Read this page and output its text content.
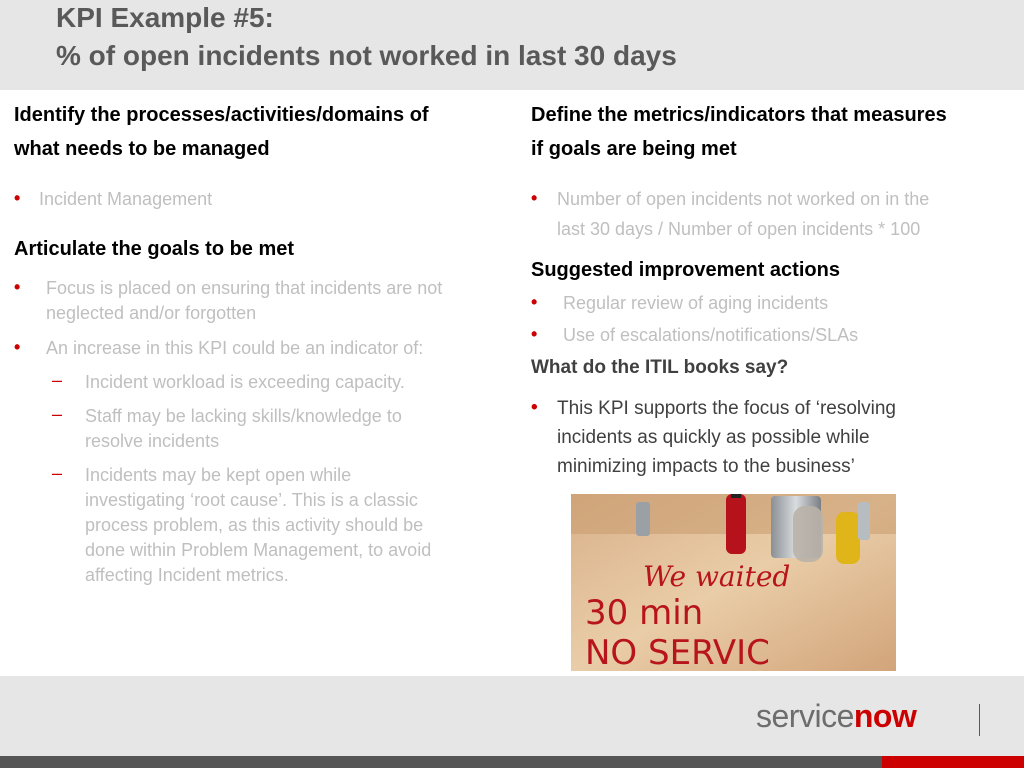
KPI Example #5:
% of open incidents not worked in last 30 days
Identify the processes/activities/domains of
what needs to be managed
• Incident Management
Articulate the goals to be met
• Focus is placed on ensuring that incidents are not
neglected and/or forgotten
• An increase in this KPI could be an indicator of:
– Incident workload is exceeding capacity.
– Staff may be lacking skills/knowledge to
resolve incidents
– Incidents may be kept open while
investigating ‘root cause’. This is a classic
process problem, as this activity should be
done within Problem Management, to avoid
affecting Incident metrics.
Define the metrics/indicators that measures
if goals are being met
• Number of open incidents not worked on in the
last 30 days / Number of open incidents * 100
Suggested improvement actions
• Regular review of aging incidents
• Use of escalations/notifications/SLAs
What do the ITIL books say?
• This KPI supports the focus of ‘resolving
incidents as quickly as possible while
minimizing impacts to the business’
We waited
30 min
NO SERVIC
servicenow
